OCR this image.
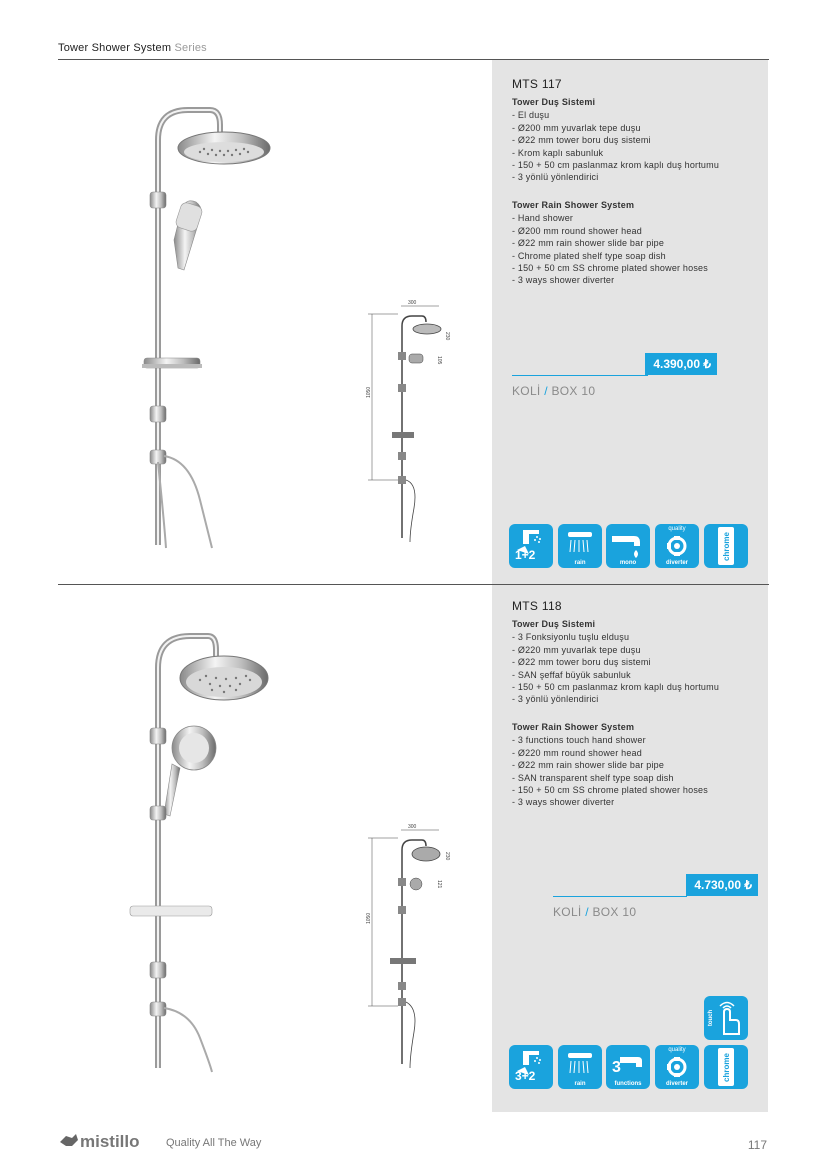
Tower Shower System Series
300
1050
230
105
MTS 117
Tower Duş Sistemi
- El duşu
- Ø200 mm yuvarlak tepe duşu
- Ø22 mm tower boru duş sistemi
- Krom kaplı sabunluk
- 150 + 50 cm paslanmaz krom kaplı duş hortumu
- 3 yönlü yönlendirici
Tower Rain Shower System
- Hand shower
- Ø200 mm round shower head
- Ø22 mm rain shower slide bar pipe
- Chrome plated shelf type soap dish
- 150 + 50 cm SS chrome plated shower hoses
- 3 ways shower diverter
4.390,00 ₺
KOLİ / BOX 10
1+2
rain	mono
quality
diverter
chrome
300
1050
230
121
MTS 118
Tower Duş Sistemi
- 3 Fonksiyonlu tuşlu elduşu
- Ø220 mm yuvarlak tepe duşu
- Ø22 mm tower boru duş sistemi
- SAN şeffaf büyük sabunluk
- 150 + 50 cm paslanmaz krom kaplı duş hortumu
- 3 yönlü yönlendirici
Tower Rain Shower System
- 3 functions touch hand shower
- Ø220 mm round shower head
- Ø22 mm rain shower slide bar pipe
- SAN transparent shelf type soap dish
- 150 + 50 cm SS chrome plated shower hoses
- 3 ways shower diverter
4.730,00 ₺
KOLİ / BOX 10
touch
3+2
rain
3
functions
quality
diverter
chrome
mistillo Quality All The Way	117
